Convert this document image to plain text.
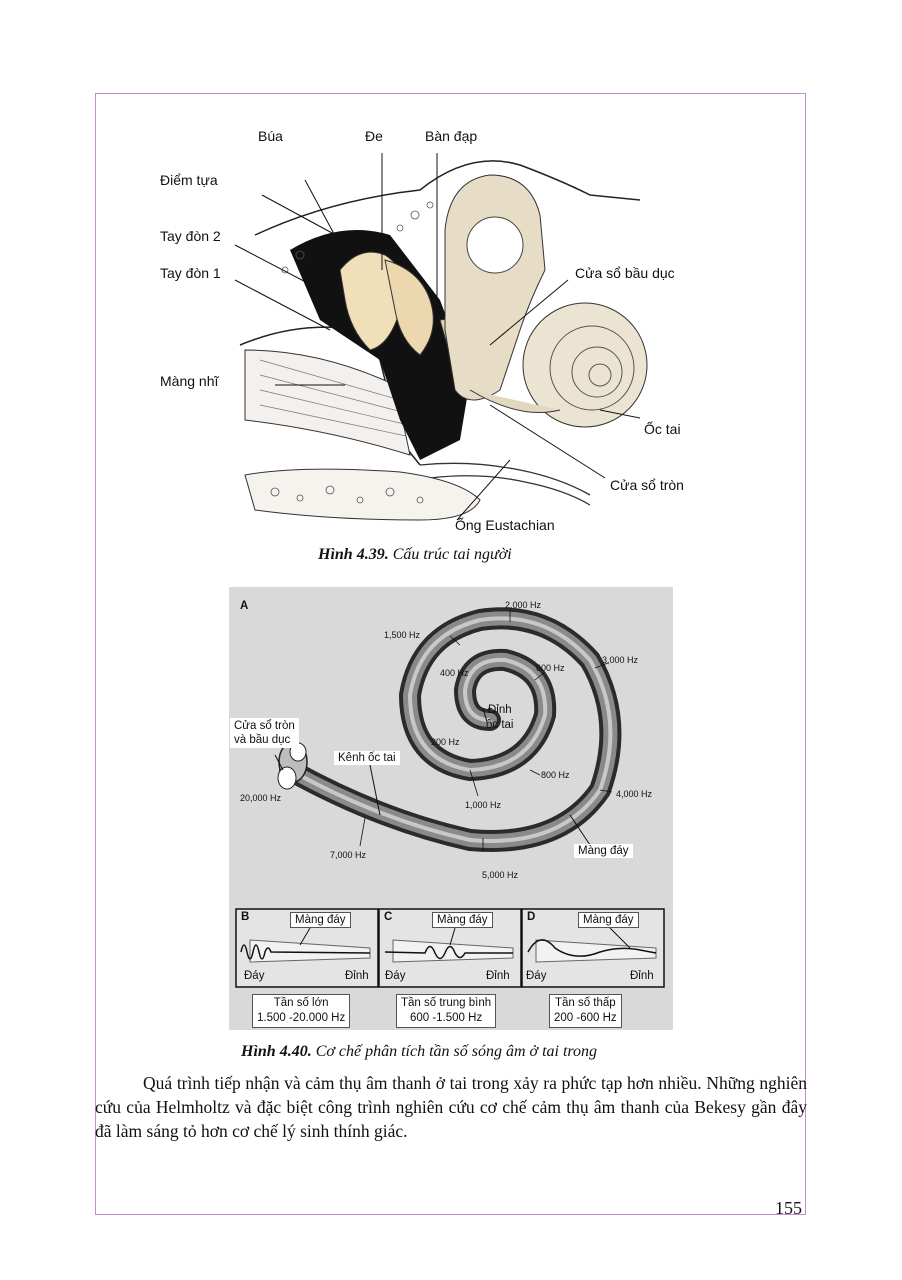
Búa	Đe	Bàn đạp
Điểm tựa
Tay đòn 2
Tay đòn 1
Màng nhĩ
Cửa sổ bầu dục
Ốc tai
Cửa sổ tròn
Ống Eustachian
Hình 4.39. Cấu trúc tai người
A	2,000 Hz
1,500 Hz
3,000 Hz
400 Hz	600 Hz
200 Hz
800 Hz
1,000 Hz
4,000 Hz
20,000 Hz
7,000 Hz
5,000 Hz
Đỉnh
ốc tai
Cửa sổ tròn
và bầu dục
Kênh ốc tai
Màng đáy
B	C	D
Màng đáy	Màng đáy	Màng đáy
Đáy	Đỉnh	Đáy	Đỉnh	Đáy	Đỉnh
Tần số lớn
1.500 -20.000 Hz
Tần số trung bình
600 -1.500 Hz
Tần số thấp
200 -600 Hz
Hình 4.40. Cơ chế phân tích tần số sóng âm ở tai trong
Quá trình tiếp nhận và cảm thụ âm thanh ở tai trong xảy ra phức tạp hơn nhiều. Những nghiên cứu của Helmholtz và đặc biệt công trình nghiên cứu cơ chế cảm thụ âm thanh của Bekesy gần đây đã làm sáng tỏ hơn cơ chế lý sinh thính giác.
155
